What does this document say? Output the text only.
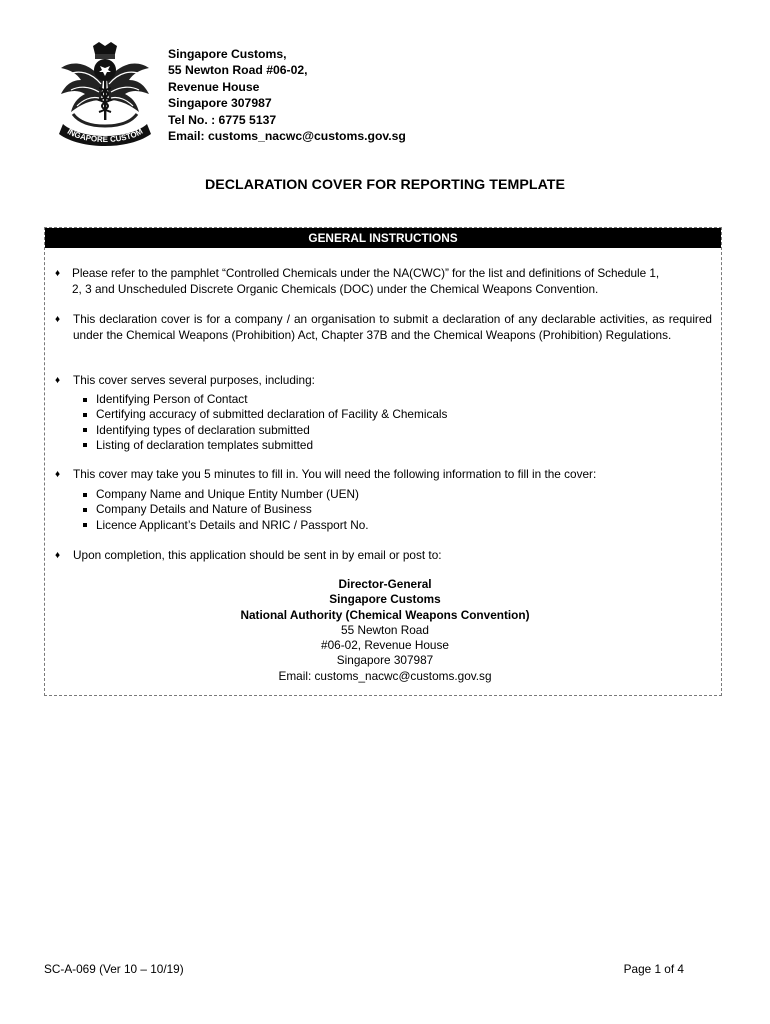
INGAPORE CUSTOM
Singapore Customs,
55 Newton Road #06-02,
Revenue House
Singapore 307987
Tel No. : 6775 5137
Email: customs_nacwc@customs.gov.sg
DECLARATION COVER FOR REPORTING TEMPLATE
GENERAL INSTRUCTIONS
♦ Please refer to the pamphlet “Controlled Chemicals under the NA(CWC)” for the list and definitions of Schedule 1,
2, 3 and Unscheduled Discrete Organic Chemicals (DOC) under the Chemical Weapons Convention.
♦ This declaration cover is for a company / an organisation to submit a declaration of any declarable activities, as required under the Chemical Weapons (Prohibition) Act, Chapter 37B and the Chemical Weapons (Prohibition) Regulations.
♦ This cover serves several purposes, including:
Identifying Person of Contact
Certifying accuracy of submitted declaration of Facility & Chemicals
Identifying types of declaration submitted
Listing of declaration templates submitted
♦ This cover may take you 5 minutes to fill in. You will need the following information to fill in the cover:
Company Name and Unique Entity Number (UEN)
Company Details and Nature of Business
Licence Applicant’s Details and NRIC / Passport No.
♦ Upon completion, this application should be sent in by email or post to:
Director-General
Singapore Customs
National Authority (Chemical Weapons Convention)
55 Newton Road
#06-02, Revenue House
Singapore 307987
Email: customs_nacwc@customs.gov.sg
SC-A-069 (Ver 10 – 10/19)	Page 1 of 4
